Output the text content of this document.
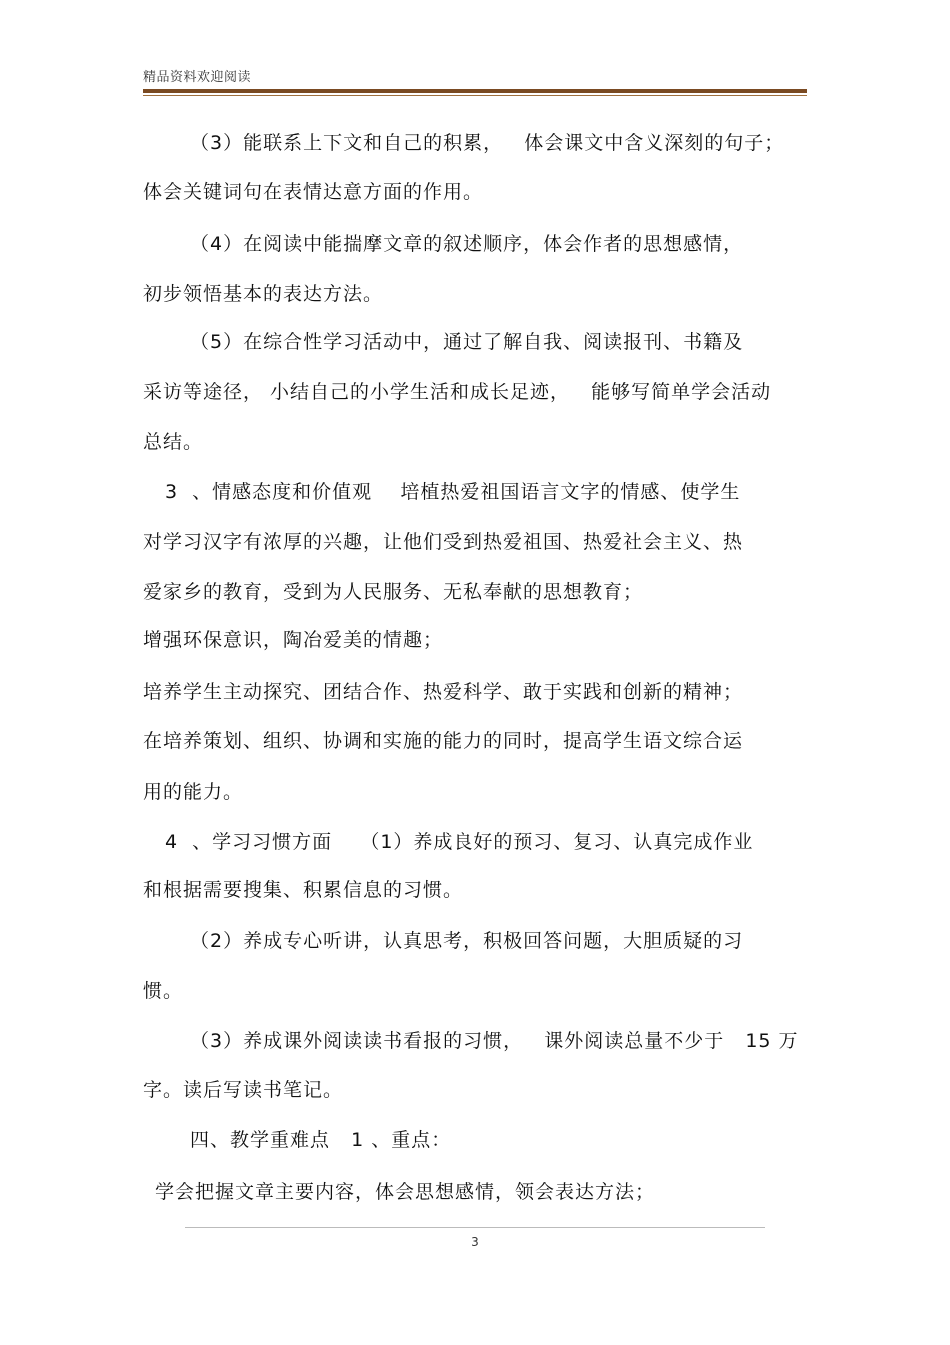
精品资料欢迎阅读
（3）能联系上下文和自己的积累，   体会课文中含义深刻的句子；
体会关键词句在表情达意方面的作用。
（4）在阅读中能揣摩文章的叙述顺序，体会作者的思想感情，
初步领悟基本的表达方法。
（5）在综合性学习活动中，通过了解自我、阅读报刊、书籍及
采访等途径， 小结自己的小学生活和成长足迹，   能够写简单学会活动
总结。
3  、情感态度和价值观    培植热爱祖国语言文字的情感、使学生
对学习汉字有浓厚的兴趣，让他们受到热爱祖国、热爱社会主义、热
爱家乡的教育，受到为人民服务、无私奉献的思想教育；
增强环保意识，陶冶爱美的情趣；
培养学生主动探究、团结合作、热爱科学、敢于实践和创新的精神；
在培养策划、组织、协调和实施的能力的同时，提高学生语文综合运
用的能力。
4  、学习习惯方面    （1）养成良好的预习、复习、认真完成作业
和根据需要搜集、积累信息的习惯。
（2）养成专心听讲，认真思考，积极回答问题，大胆质疑的习
惯。
（3）养成课外阅读读书看报的习惯，   课外阅读总量不少于   15 万
字。读后写读书笔记。
四、教学重难点   1 、重点：
学会把握文章主要内容，体会思想感情，领会表达方法；
3
